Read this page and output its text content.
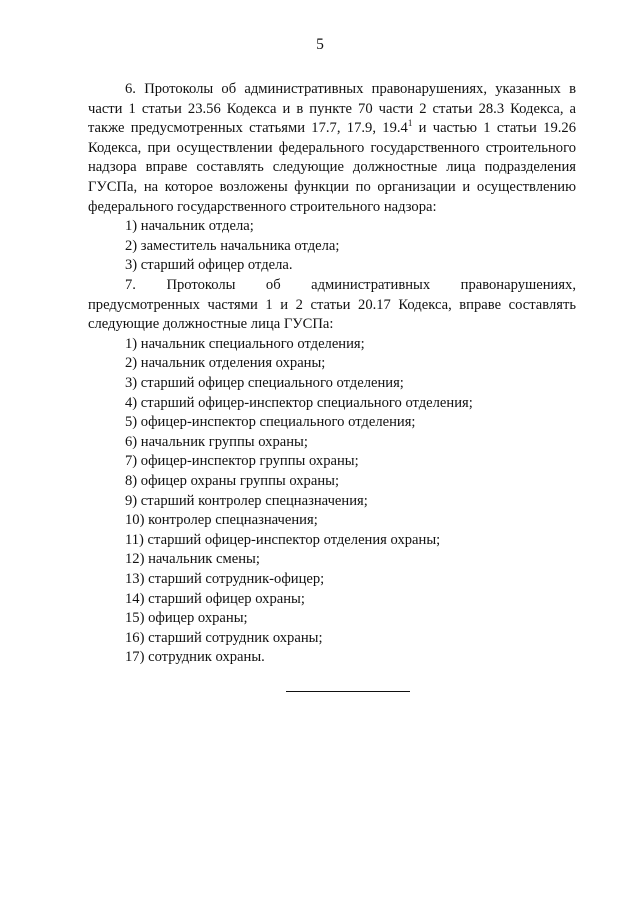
5

6. Протоколы об административных правонарушениях, указанных в части 1 статьи 23.56 Кодекса и в пункте 70 части 2 статьи 28.3 Кодекса, а также предусмотренных статьями 17.7, 17.9, 19.4$^1$ и частью 1 статьи 19.26 Кодекса, при осуществлении федерального государственного строительного надзора вправе составлять следующие должностные лица подразделения ГУСПа, на которое возложены функции по организации и осуществлению федерального государственного строительного надзора:

1) начальник отдела;
2) заместитель начальника отдела;
3) старший офицер отдела.

7. Протоколы об административных правонарушениях, предусмотренных частями 1 и 2 статьи 20.17 Кодекса, вправе составлять следующие должностные лица ГУСПа:

1) начальник специального отделения;
2) начальник отделения охраны;
3) старший офицер специального отделения;
4) старший офицер-инспектор специального отделения;
5) офицер-инспектор специального отделения;
6) начальник группы охраны;
7) офицер-инспектор группы охраны;
8) офицер охраны группы охраны;
9) старший контролер спецназначения;
10) контролер спецназначения;
11) старший офицер-инспектор отделения охраны;
12) начальник смены;
13) старший сотрудник-офицер;
14) старший офицер охраны;
15) офицер охраны;
16) старший сотрудник охраны;
17) сотрудник охраны.
